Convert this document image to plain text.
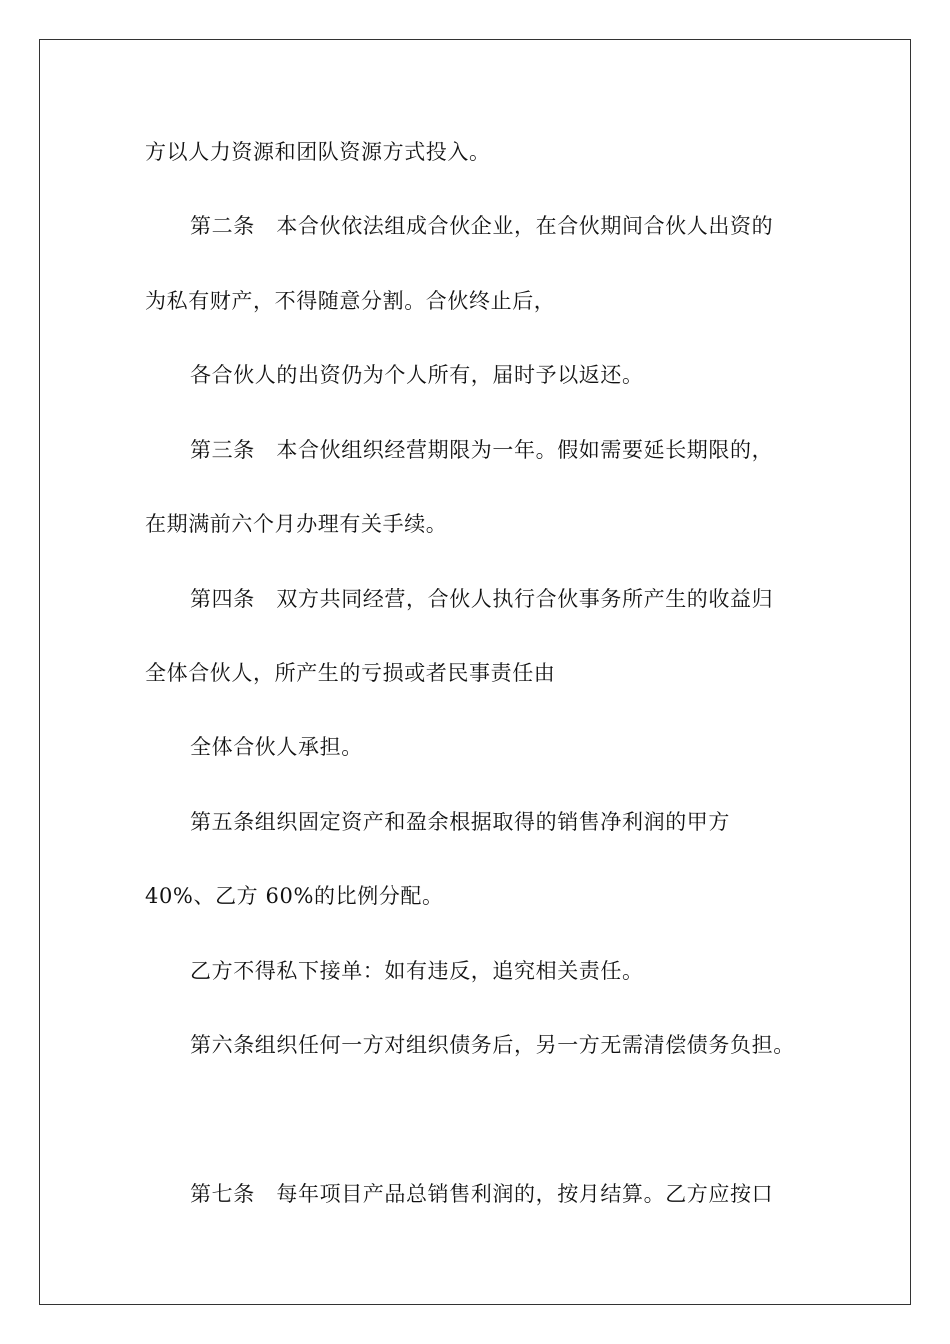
方以人力资源和团队资源方式投入。
第二条　本合伙依法组成合伙企业，在合伙期间合伙人出资的
为私有财产，不得随意分割。合伙终止后，
各合伙人的出资仍为个人所有，届时予以返还。
第三条　本合伙组织经营期限为一年。假如需要延长期限的，
在期满前六个月办理有关手续。
第四条　双方共同经营，合伙人执行合伙事务所产生的收益归
全体合伙人，所产生的亏损或者民事责任由
全体合伙人承担。
第五条组织固定资产和盈余根据取得的销售净利润的甲方
40%、乙方 60%的比例分配。
乙方不得私下接单：如有违反，追究相关责任。
第六条组织任何一方对组织债务后，另一方无需清偿债务负担。
第七条　每年项目产品总销售利润的，按月结算。乙方应按口
